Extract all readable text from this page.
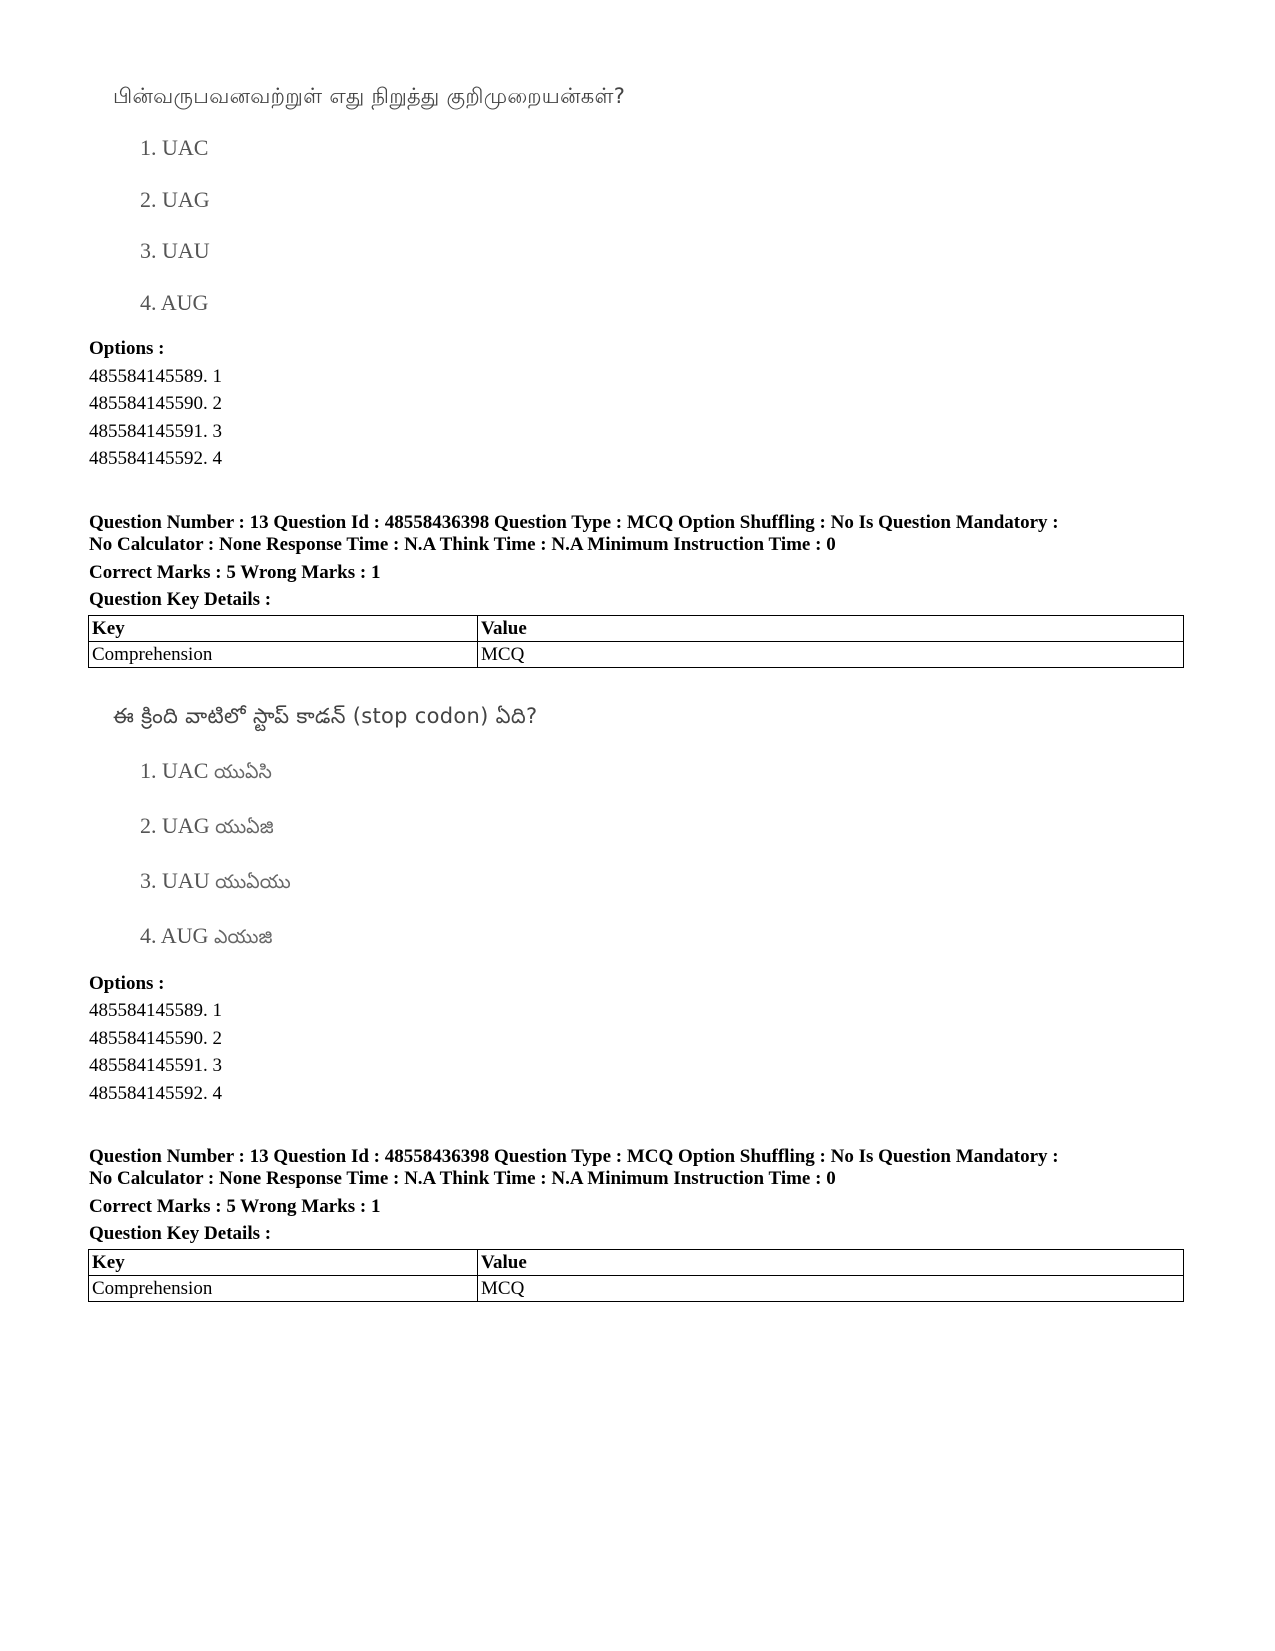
பின்வருபவனவற்றுள் எது நிறுத்து குறிமுறையன்கள்?
1. UAC
2. UAG
3. UAU
4. AUG
Options :
485584145589. 1
485584145590. 2
485584145591. 3
485584145592. 4
Question Number : 13 Question Id : 48558436398 Question Type : MCQ Option Shuffling : No Is Question Mandatory :
No Calculator : None Response Time : N.A Think Time : N.A Minimum Instruction Time : 0
Correct Marks : 5 Wrong Marks : 1
Question Key Details :
Key	Value
Comprehension	MCQ
ఈ క్రింది వాటిలో స్టాప్ కాడన్ (stop codon) ఏది?
1. UAC యుఏసి
2. UAG యుఏజి
3. UAU యుఏయు
4. AUG ఎయుజి
Options :
485584145589. 1
485584145590. 2
485584145591. 3
485584145592. 4
Question Number : 13 Question Id : 48558436398 Question Type : MCQ Option Shuffling : No Is Question Mandatory :
No Calculator : None Response Time : N.A Think Time : N.A Minimum Instruction Time : 0
Correct Marks : 5 Wrong Marks : 1
Question Key Details :
Key	Value
Comprehension	MCQ
